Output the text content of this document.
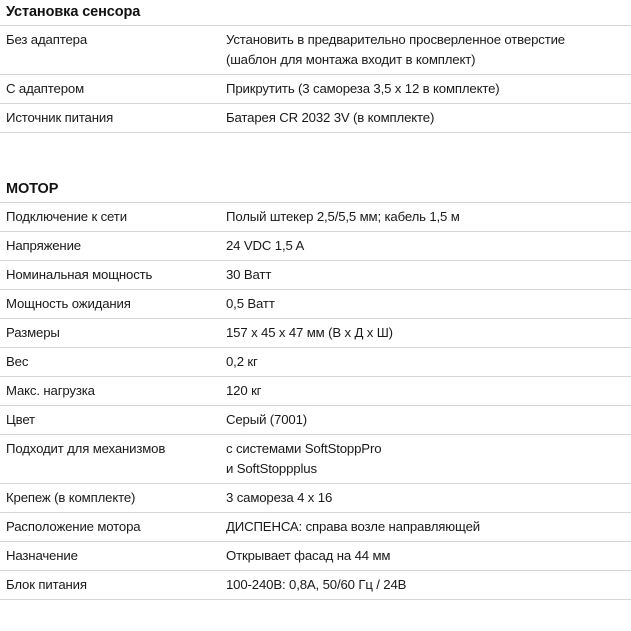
Установка сенсора
Без адаптера	Установить в предварительно просверленное отверстие
(шаблон для монтажа входит в комплект)

С адаптером	Прикрутить (3 самореза 3,5 х 12 в комплекте)

Источник питания	Батарея CR 2032 3V (в комплекте)
МОТОР
Подключение к сети	Полый штекер 2,5/5,5 мм; кабель 1,5 м

Напряжение	24 VDC 1,5 A

Номинальная мощность	30 Ватт

Мощность ожидания	0,5 Ватт

Размеры	157 х 45 х 47 мм (В х Д х Ш)

Вес	0,2 кг

Макс. нагрузка	120 кг

Цвет	Серый (7001)

Подходит для механизмов	с системами SoftStoppPro
и SoftStoppplus

Крепеж (в комплекте)	3 самореза 4 х 16

Расположение мотора	ДИСПЕНСА: справа возле направляющей

Назначение	Открывает фасад на 44 мм

Блок питания	100-240В: 0,8А, 50/60 Гц / 24В
